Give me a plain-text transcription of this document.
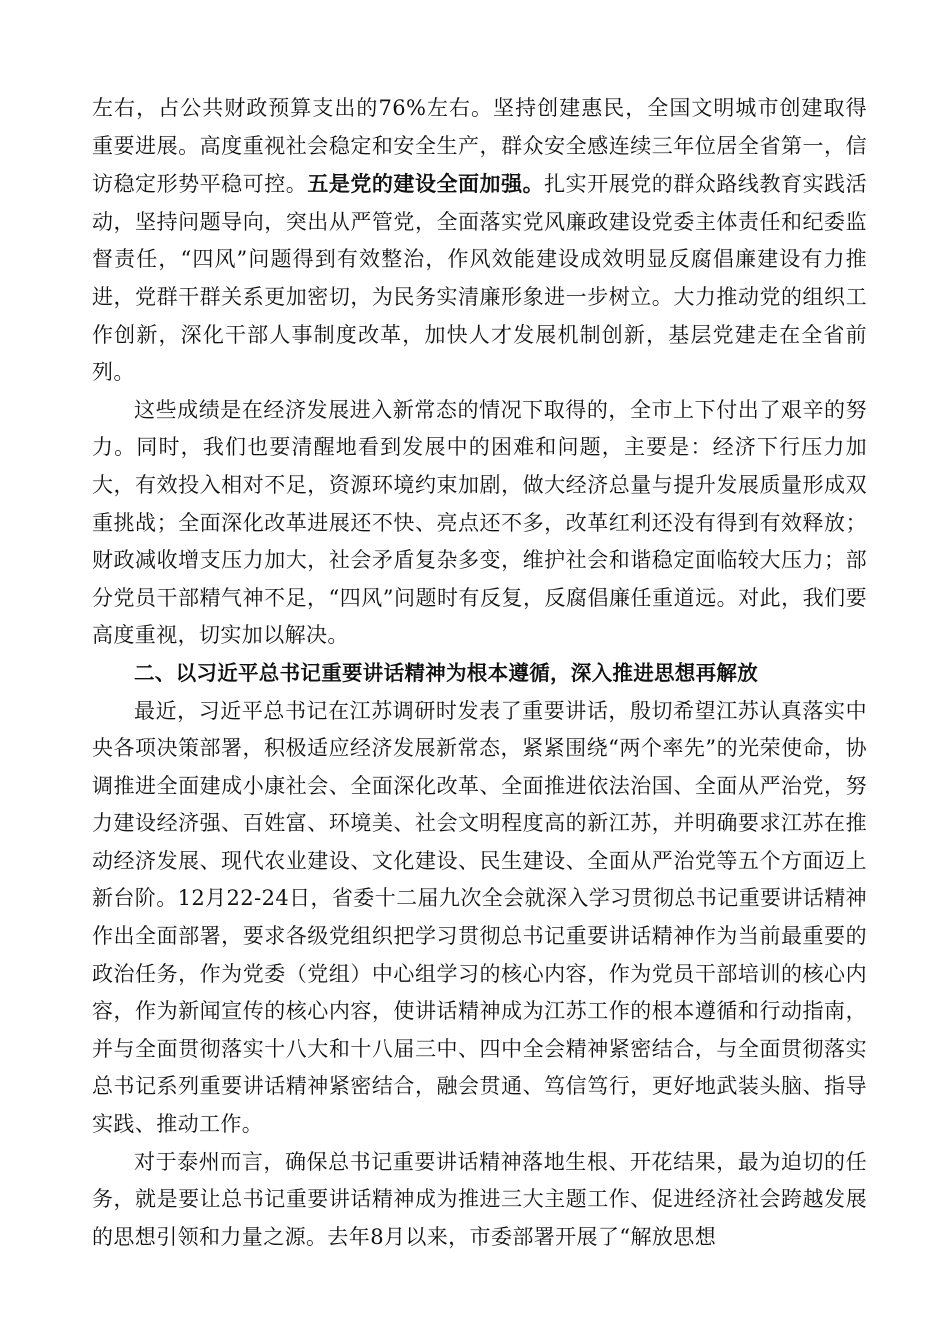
左右，占公共财政预算支出的76%左右。坚持创建惠民，全国文明城市创建取得重要进展。高度重视社会稳定和安全生产，群众安全感连续三年位居全省第一，信访稳定形势平稳可控。五是党的建设全面加强。扎实开展党的群众路线教育实践活动，坚持问题导向，突出从严管党，全面落实党风廉政建设党委主体责任和纪委监督责任，“四风”问题得到有效整治，作风效能建设成效明显反腐倡廉建设有力推进，党群干群关系更加密切，为民务实清廉形象进一步树立。大力推动党的组织工作创新，深化干部人事制度改革，加快人才发展机制创新，基层党建走在全省前列。

这些成绩是在经济发展进入新常态的情况下取得的，全市上下付出了艰辛的努力。同时，我们也要清醒地看到发展中的困难和问题，主要是：经济下行压力加大，有效投入相对不足，资源环境约束加剧，做大经济总量与提升发展质量形成双重挑战；全面深化改革进展还不快、亮点还不多，改革红利还没有得到有效释放；财政减收增支压力加大，社会矛盾复杂多变，维护社会和谐稳定面临较大压力；部分党员干部精气神不足，“四风”问题时有反复，反腐倡廉任重道远。对此，我们要高度重视，切实加以解决。

二、以习近平总书记重要讲话精神为根本遵循，深入推进思想再解放

最近，习近平总书记在江苏调研时发表了重要讲话，殷切希望江苏认真落实中央各项决策部署，积极适应经济发展新常态，紧紧围绕“两个率先”的光荣使命，协调推进全面建成小康社会、全面深化改革、全面推进依法治国、全面从严治党，努力建设经济强、百姓富、环境美、社会文明程度高的新江苏，并明确要求江苏在推动经济发展、现代农业建设、文化建设、民生建设、全面从严治党等五个方面迈上新台阶。12月22-24日，省委十二届九次全会就深入学习贯彻总书记重要讲话精神作出全面部署，要求各级党组织把学习贯彻总书记重要讲话精神作为当前最重要的政治任务，作为党委（党组）中心组学习的核心内容，作为党员干部培训的核心内容，作为新闻宣传的核心内容，使讲话精神成为江苏工作的根本遵循和行动指南，并与全面贯彻落实十八大和十八届三中、四中全会精神紧密结合，与全面贯彻落实总书记系列重要讲话精神紧密结合，融会贯通、笃信笃行，更好地武装头脑、指导实践、推动工作。

对于泰州而言，确保总书记重要讲话精神落地生根、开花结果，最为迫切的任务，就是要让总书记重要讲话精神成为推进三大主题工作、促进经济社会跨越发展的思想引领和力量之源。去年8月以来，市委部署开展了“解放思想
